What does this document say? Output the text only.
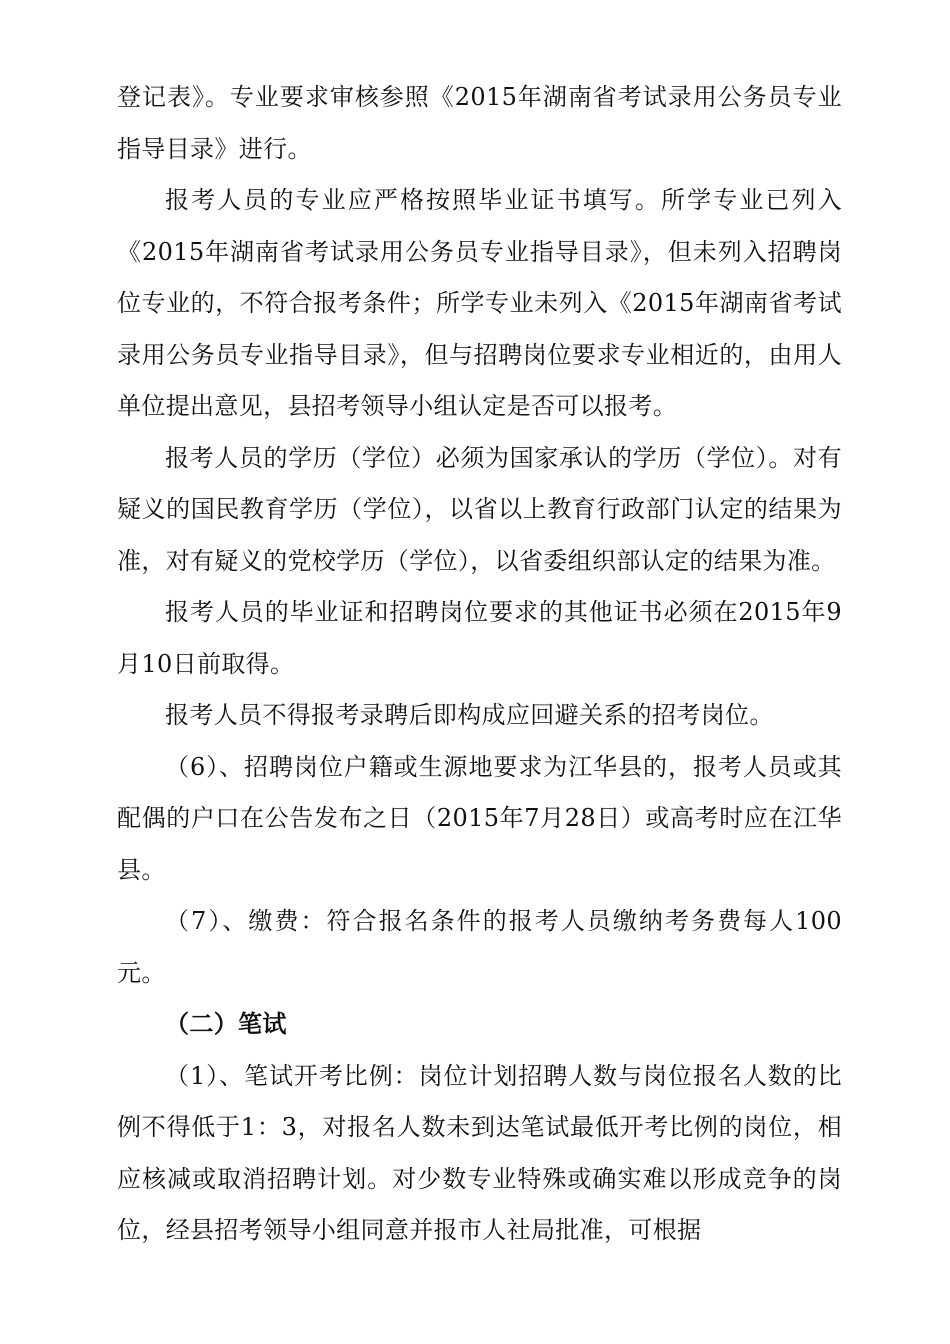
登记表》。专业要求审核参照《2015年湖南省考试录用公务员专业指导目录》进行。

报考人员的专业应严格按照毕业证书填写。所学专业已列入《2015年湖南省考试录用公务员专业指导目录》，但未列入招聘岗位专业的，不符合报考条件；所学专业未列入《2015年湖南省考试录用公务员专业指导目录》，但与招聘岗位要求专业相近的，由用人单位提出意见，县招考领导小组认定是否可以报考。

报考人员的学历（学位）必须为国家承认的学历（学位）。对有疑义的国民教育学历（学位），以省以上教育行政部门认定的结果为准，对有疑义的党校学历（学位），以省委组织部认定的结果为准。

报考人员的毕业证和招聘岗位要求的其他证书必须在2015年9月10日前取得。

报考人员不得报考录聘后即构成应回避关系的招考岗位。

（6）、招聘岗位户籍或生源地要求为江华县的，报考人员或其配偶的户口在公告发布之日（2015年7月28日）或高考时应在江华县。

（7）、缴费：符合报名条件的报考人员缴纳考务费每人100元。

（二）笔试

（1）、笔试开考比例：岗位计划招聘人数与岗位报名人数的比例不得低于1：3，对报名人数未到达笔试最低开考比例的岗位，相应核减或取消招聘计划。对少数专业特殊或确实难以形成竞争的岗位，经县招考领导小组同意并报市人社局批准，可根据
